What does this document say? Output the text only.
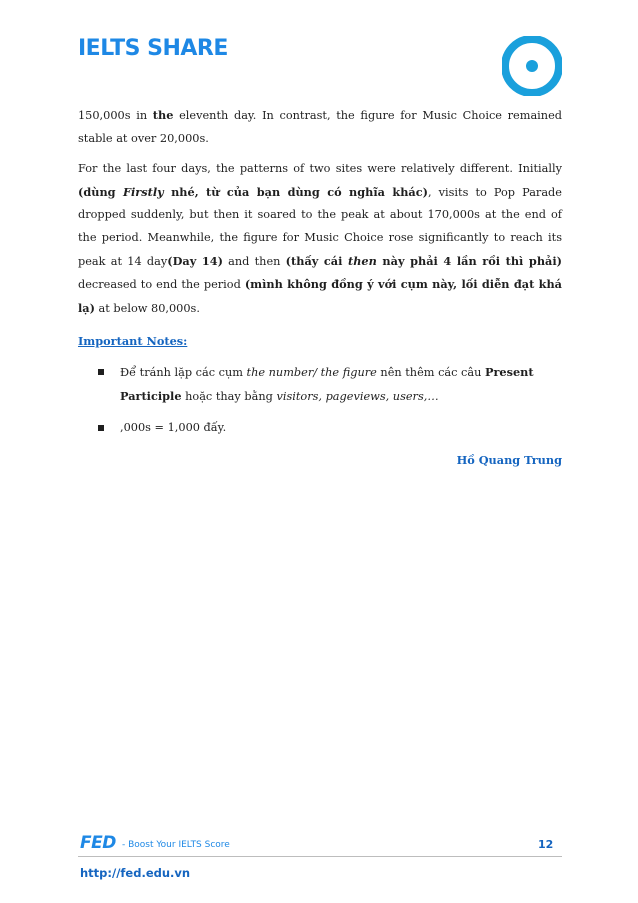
IELTS SHARE

150,000s in the eleventh day. In contrast, the figure for Music Choice remained stable at over 20,000s.

For the last four days, the patterns of two sites were relatively different. Initially (dùng Firstly nhé, từ của bạn dùng có nghĩa khác), visits to Pop Parade dropped suddenly, but then it soared to the peak at about 170,000s at the end of the period. Meanwhile, the figure for Music Choice rose significantly to reach its peak at 14 day(Day 14) and then (thấy cái then này phải 4 lần rồi thì phải) decreased to end the period (mình không đồng ý với cụm này, lối diễn đạt khá lạ) at below 80,000s.

Important Notes:
Để tránh lặp các cụm the number/ the figure nên thêm các câu Present Participle hoặc thay bằng visitors, pageviews, users,…
,000s = 1,000 đấy.
Hồ Quang Trung
FED - Boost Your IELTS Score	12
http://fed.edu.vn
